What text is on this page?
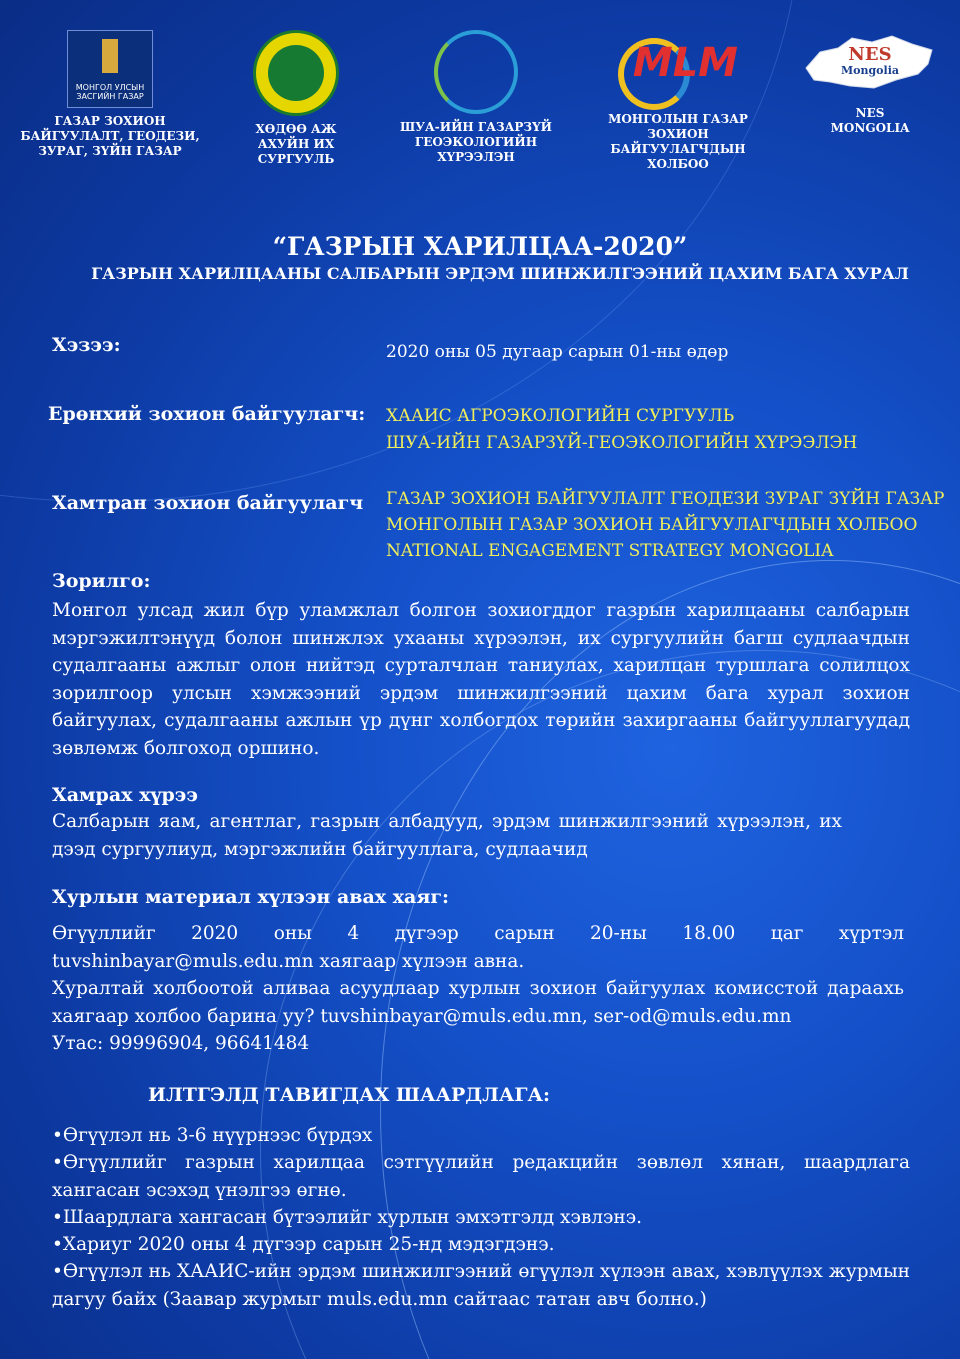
МОНГОЛ УЛСЫН ЗАСГИЙН ГАЗАР
ГАЗАР ЗОХИОН БАЙГУУЛАЛТ, ГЕОДЕЗИ, ЗУРАГ, ЗҮЙН ГАЗАР
ХӨДӨӨ АЖ АХУЙН ИХ СУРГУУЛЬ
ШУА-ИЙН ГАЗАРЗҮЙ ГЕОЭКОЛОГИЙН ХҮРЭЭЛЭН
MLM
МОНГОЛЫН ГАЗАР ЗОХИОН БАЙГУУЛАГЧДЫН ХОЛБОО
NES
Mongolia
NES MONGOLIA
“ГАЗРЫН ХАРИЛЦАА-2020”
ГАЗРЫН ХАРИЛЦААНЫ САЛБАРЫН ЭРДЭМ ШИНЖИЛГЭЭНИЙ ЦАХИМ БАГА ХУРАЛ
Хэзээ:	2020 оны 05 дугаар сарын 01-ны өдөр
Ерөнхий зохион байгуулагч: ХААИС АГРОЭКОЛОГИЙН СУРГУУЛЬ
ШУА-ИЙН ГАЗАРЗҮЙ-ГЕОЭКОЛОГИЙН ХҮРЭЭЛЭН
Хамтран зохион байгуулагч ГАЗАР ЗОХИОН БАЙГУУЛАЛТ ГЕОДЕЗИ ЗУРАГ ЗҮЙН ГАЗАР
МОНГОЛЫН ГАЗАР ЗОХИОН БАЙГУУЛАГЧДЫН ХОЛБОО
NATIONAL ENGAGEMENT STRATEGY MONGOLIA
Зорилго:
Монгол улсад жил бүр уламжлал болгон зохиогддог газрын харилцааны салбарын мэргэжилтэнүүд болон шинжлэх ухааны хүрээлэн, их сургуулийн багш судлаачдын судалгааны ажлыг олон нийтэд сурталчлан таниулах, харилцан туршлага солилцох зорилгоор улсын хэмжээний эрдэм шинжилгээний цахим бага хурал зохион байгуулах, судалгааны ажлын үр дүнг холбогдох төрийн захиргааны байгууллагуудад зөвлөмж болгоход оршино.
Хамрах хүрээ
Салбарын яам, агентлаг, газрын албадууд, эрдэм шинжилгээний хүрээлэн, их дээд сургуулиуд, мэргэжлийн байгууллага, судлаачид
Хурлын материал хүлээн авах хаяг:
Өгүүллийг 2020 оны 4 дүгээр сарын 20-ны 18.00 цаг хүртэл tuvshinbayar@muls.edu.mn хаягаар хүлээн авна.
Хуралтай холбоотой аливаа асуудлаар хурлын зохион байгуулах комисстой дараахь хаягаар холбоо барина уу? tuvshinbayar@muls.edu.mn, ser-od@muls.edu.mn
Утас: 99996904, 96641484
ИЛТГЭЛД ТАВИГДАХ ШААРДЛАГА:
•Өгүүлэл нь 3-6 нүүрнээс бүрдэх
•Өгүүллийг газрын харилцаа сэтгүүлийн редакцийн зөвлөл хянан, шаардлага хангасан эсэхэд үнэлгээ өгнө.
•Шаардлага хангасан бүтээлийг хурлын эмхэтгэлд хэвлэнэ.
•Хариуг 2020 оны 4 дүгээр сарын 25-нд мэдэгдэнэ.
•Өгүүлэл нь ХААИС-ийн эрдэм шинжилгээний өгүүлэл хүлээн авах, хэвлүүлэх журмын дагуу байх (Заавар журмыг muls.edu.mn сайтаас татан авч болно.)
